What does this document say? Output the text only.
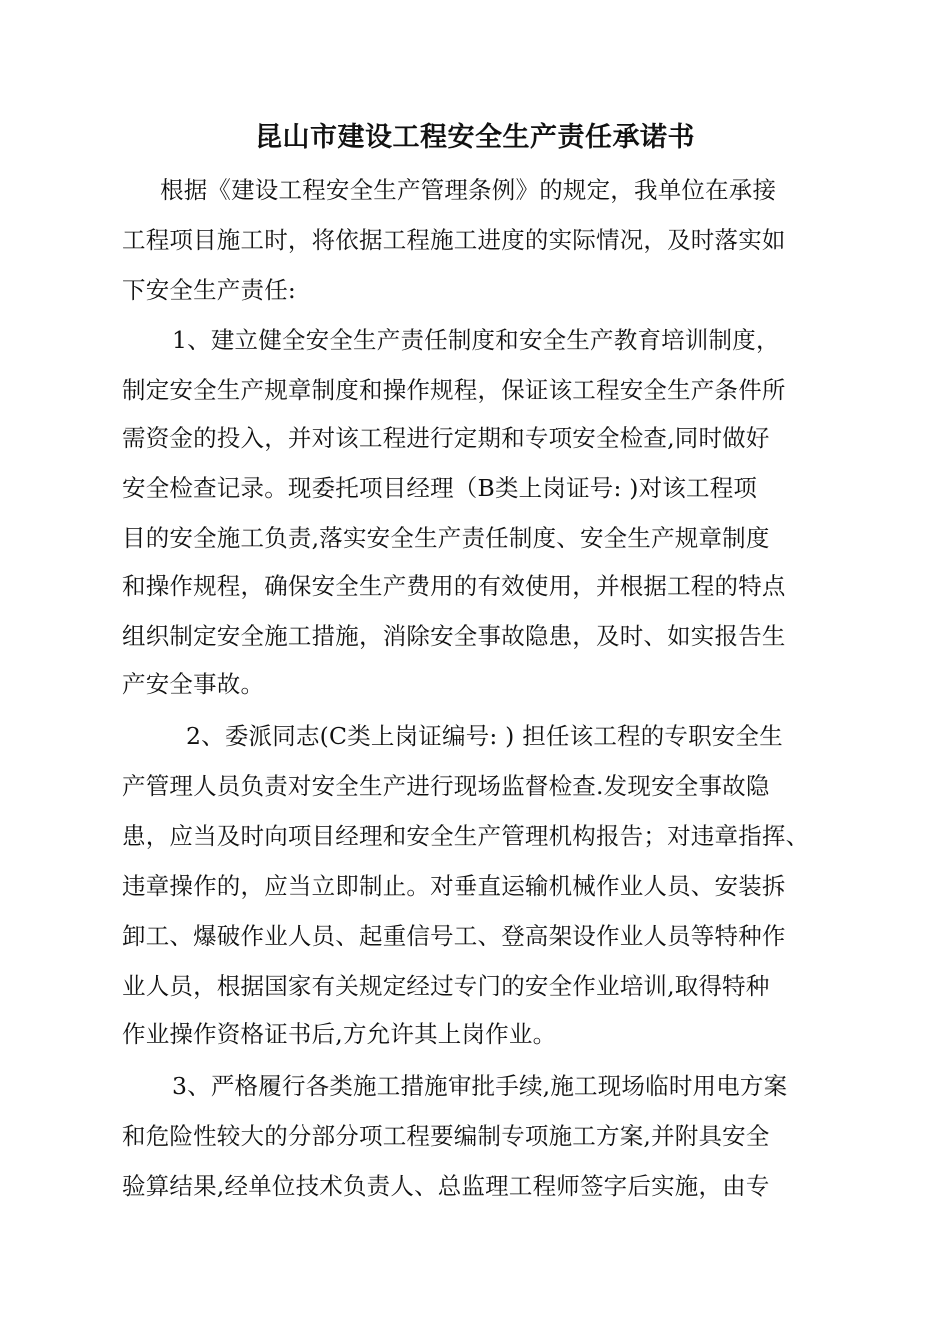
昆山市建设工程安全生产责任承诺书
根据《建设工程安全生产管理条例》的规定，我单位在承接
工程项目施工时，将依据工程施工进度的实际情况，及时落实如
下安全生产责任:
1、建立健全安全生产责任制度和安全生产教育培训制度，
制定安全生产规章制度和操作规程，保证该工程安全生产条件所
需资金的投入，并对该工程进行定期和专项安全检查,同时做好
安全检查记录。现委托项目经理（B类上岗证号: )对该工程项
目的安全施工负责,落实安全生产责任制度、安全生产规章制度
和操作规程，确保安全生产费用的有效使用，并根据工程的特点
组织制定安全施工措施，消除安全事故隐患，及时、如实报告生
产安全事故。
2、委派同志(C类上岗证编号: ) 担任该工程的专职安全生
产管理人员负责对安全生产进行现场监督检查.发现安全事故隐
患，应当及时向项目经理和安全生产管理机构报告；对违章指挥、
违章操作的，应当立即制止。对垂直运输机械作业人员、安装拆
卸工、爆破作业人员、起重信号工、登高架设作业人员等特种作
业人员，根据国家有关规定经过专门的安全作业培训,取得特种
作业操作资格证书后,方允许其上岗作业。
3、严格履行各类施工措施审批手续,施工现场临时用电方案
和危险性较大的分部分项工程要编制专项施工方案,并附具安全
验算结果,经单位技术负责人、总监理工程师签字后实施，由专
